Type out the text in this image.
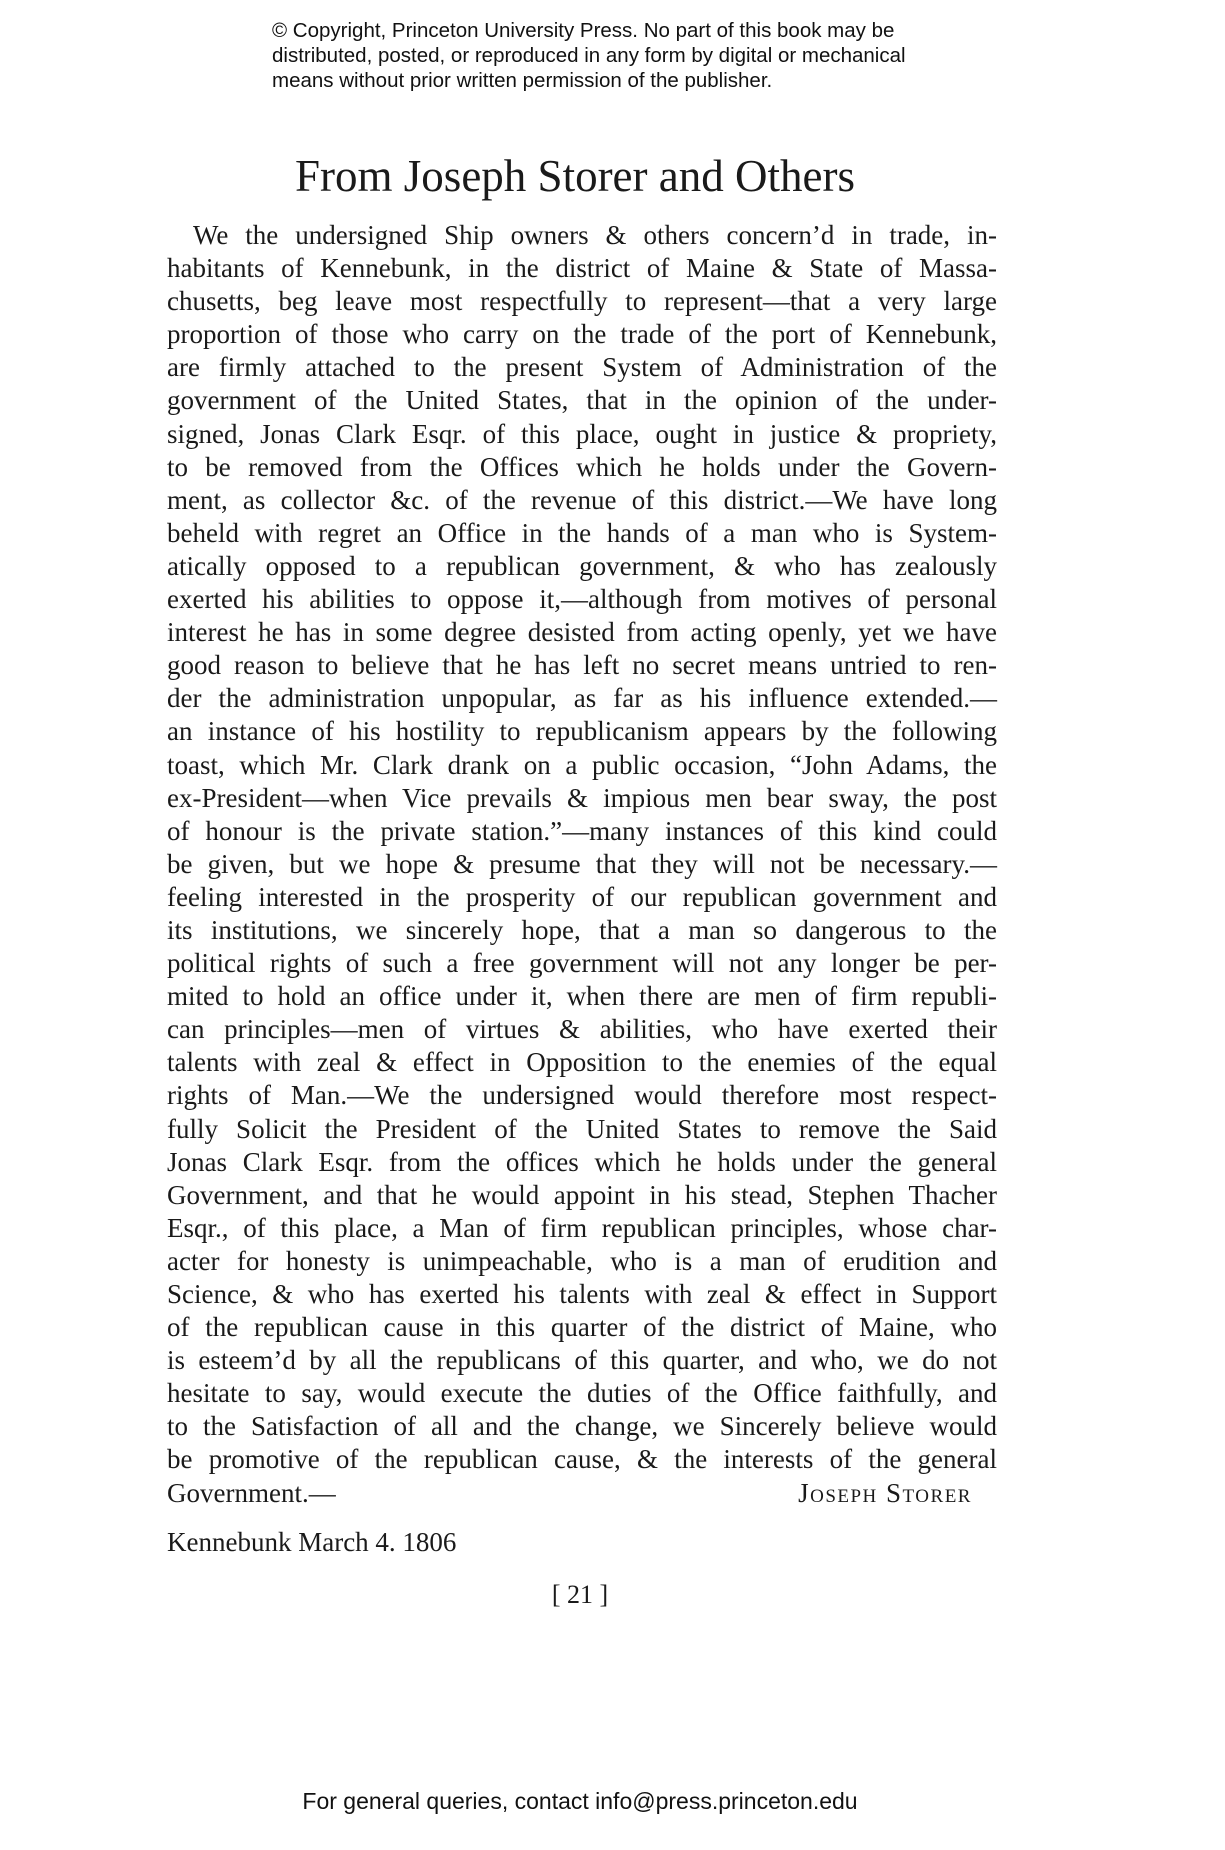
© Copyright, Princeton University Press. No part of this book may be
distributed, posted, or reproduced in any form by digital or mechanical
means without prior written permission of the publisher.
From Joseph Storer and Others
We the undersigned Ship owners & others concern’d in trade, in-
habitants of Kennebunk, in the district of Maine & State of Massa-
chusetts, beg leave most respectfully to represent—that a very large
proportion of those who carry on the trade of the port of Kennebunk,
are firmly attached to the present System of Administration of the
government of the United States, that in the opinion of the under-
signed, Jonas Clark Esqr. of this place, ought in justice & propriety,
to be removed from the Offices which he holds under the Govern-
ment, as collector &c. of the revenue of this district.—We have long
beheld with regret an Office in the hands of a man who is System-
atically opposed to a republican government, & who has zealously
exerted his abilities to oppose it,—although from motives of personal
interest he has in some degree desisted from acting openly, yet we have
good reason to believe that he has left no secret means untried to ren-
der the administration unpopular, as far as his influence extended.—
an instance of his hostility to republicanism appears by the following
toast, which Mr. Clark drank on a public occasion, “John Adams, the
ex-President—when Vice prevails & impious men bear sway, the post
of honour is the private station.”—many instances of this kind could
be given, but we hope & presume that they will not be necessary.—
feeling interested in the prosperity of our republican government and
its institutions, we sincerely hope, that a man so dangerous to the
political rights of such a free government will not any longer be per-
mited to hold an office under it, when there are men of firm republi-
can principles—men of virtues & abilities, who have exerted their
talents with zeal & effect in Opposition to the enemies of the equal
rights of Man.—We the undersigned would therefore most respect-
fully Solicit the President of the United States to remove the Said
Jonas Clark Esqr. from the offices which he holds under the general
Government, and that he would appoint in his stead, Stephen Thacher
Esqr., of this place, a Man of firm republican principles, whose char-
acter for honesty is unimpeachable, who is a man of erudition and
Science, & who has exerted his talents with zeal & effect in Support
of the republican cause in this quarter of the district of Maine, who
is esteem’d by all the republicans of this quarter, and who, we do not
hesitate to say, would execute the duties of the Office faithfully, and
to the Satisfaction of all and the change, we Sincerely believe would
be promotive of the republican cause, & the interests of the general
Government.—	Joseph Storer

Kennebunk March 4. 1806

[ 21 ]

For general queries, contact info@press.princeton.edu
